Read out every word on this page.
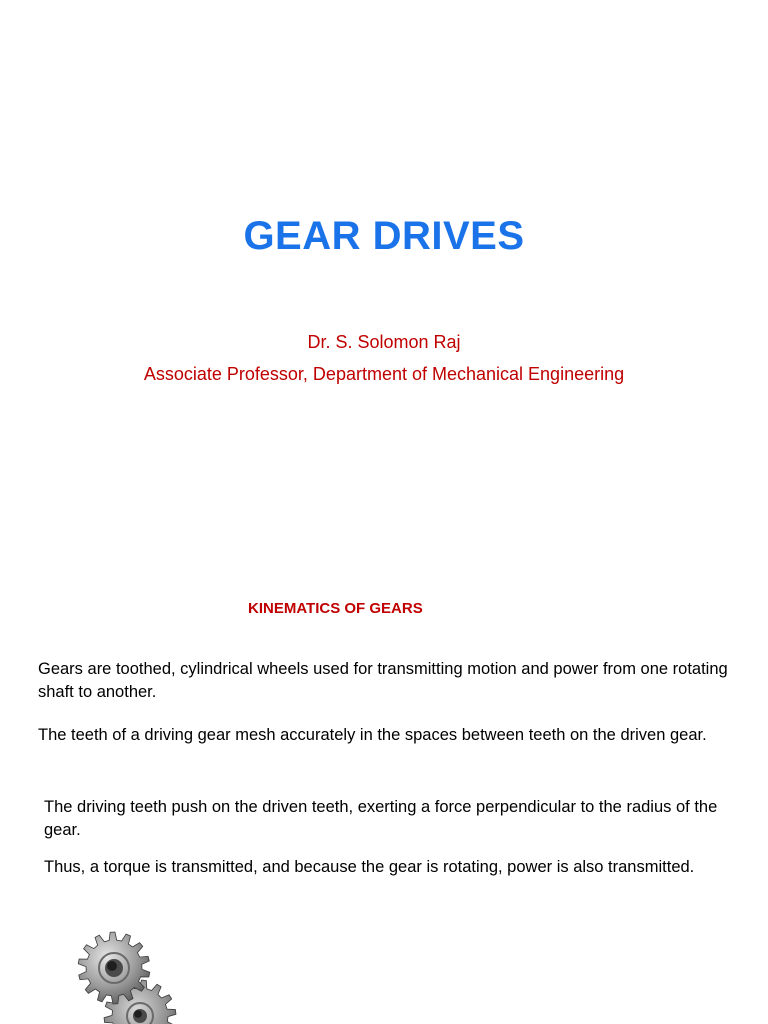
GEAR DRIVES
Dr. S. Solomon Raj
Associate Professor, Department of Mechanical Engineering
KINEMATICS OF GEARS

Gears are toothed, cylindrical wheels used for transmitting motion and power from one rotating shaft to another.

The teeth of a driving gear mesh accurately in the spaces between teeth on the driven gear.

The driving teeth push on the driven teeth, exerting a force perpendicular to the radius of the gear.

Thus, a torque is transmitted, and because the gear is rotating, power is also transmitted.
